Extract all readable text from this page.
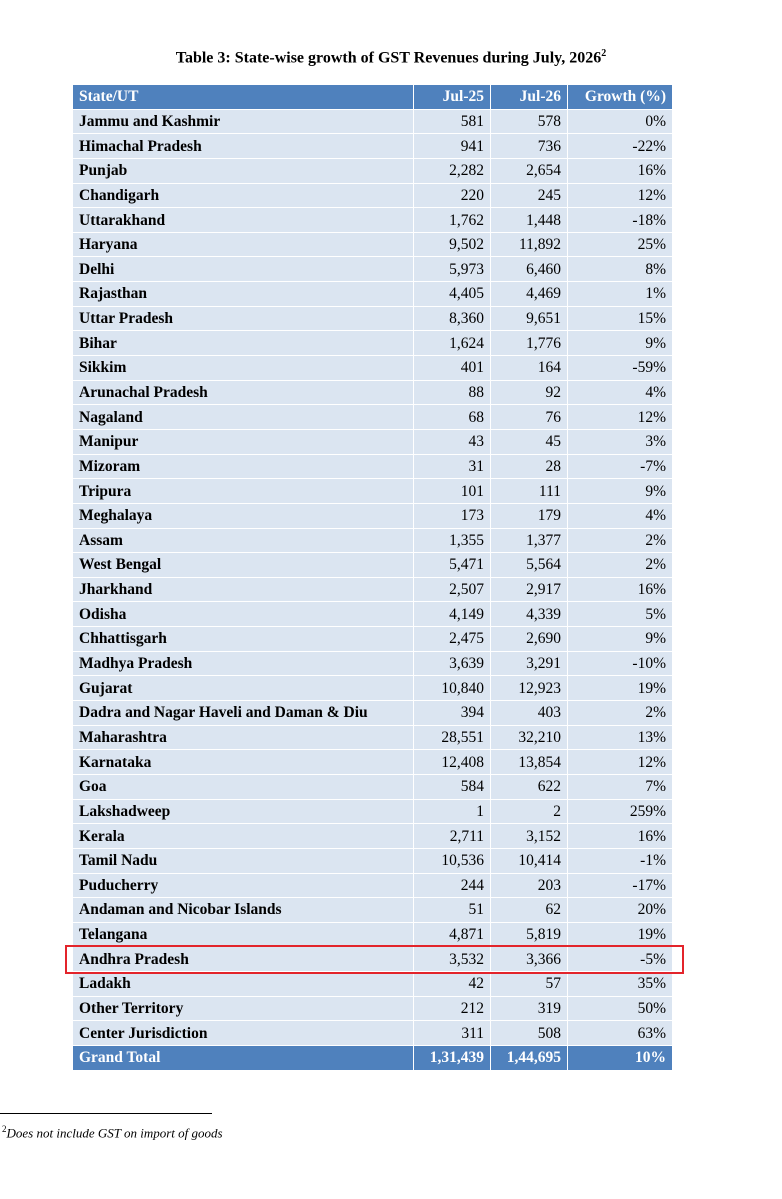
Table 3: State-wise growth of GST Revenues during July, 2026$^2$
State/UT	Jul-25	Jul-26	Growth (%)
Jammu and Kashmir	581	578	0%
Himachal Pradesh	941	736	-22%
Punjab	2,282	2,654	16%
Chandigarh	220	245	12%
Uttarakhand	1,762	1,448	-18%
Haryana	9,502	11,892	25%
Delhi	5,973	6,460	8%
Rajasthan	4,405	4,469	1%
Uttar Pradesh	8,360	9,651	15%
Bihar	1,624	1,776	9%
Sikkim	401	164	-59%
Arunachal Pradesh	88	92	4%
Nagaland	68	76	12%
Manipur	43	45	3%
Mizoram	31	28	-7%
Tripura	101	111	9%
Meghalaya	173	179	4%
Assam	1,355	1,377	2%
West Bengal	5,471	5,564	2%
Jharkhand	2,507	2,917	16%
Odisha	4,149	4,339	5%
Chhattisgarh	2,475	2,690	9%
Madhya Pradesh	3,639	3,291	-10%
Gujarat	10,840	12,923	19%
Dadra and Nagar Haveli and Daman & Diu	394	403	2%
Maharashtra	28,551	32,210	13%
Karnataka	12,408	13,854	12%
Goa	584	622	7%
Lakshadweep	1	2	259%
Kerala	2,711	3,152	16%
Tamil Nadu	10,536	10,414	-1%
Puducherry	244	203	-17%
Andaman and Nicobar Islands	51	62	20%
Telangana	4,871	5,819	19%
Andhra Pradesh	3,532	3,366	-5%
Ladakh	42	57	35%
Other Territory	212	319	50%
Center Jurisdiction	311	508	63%
Grand Total	1,31,439	1,44,695	10%
$^2$Does not include GST on import of goods
